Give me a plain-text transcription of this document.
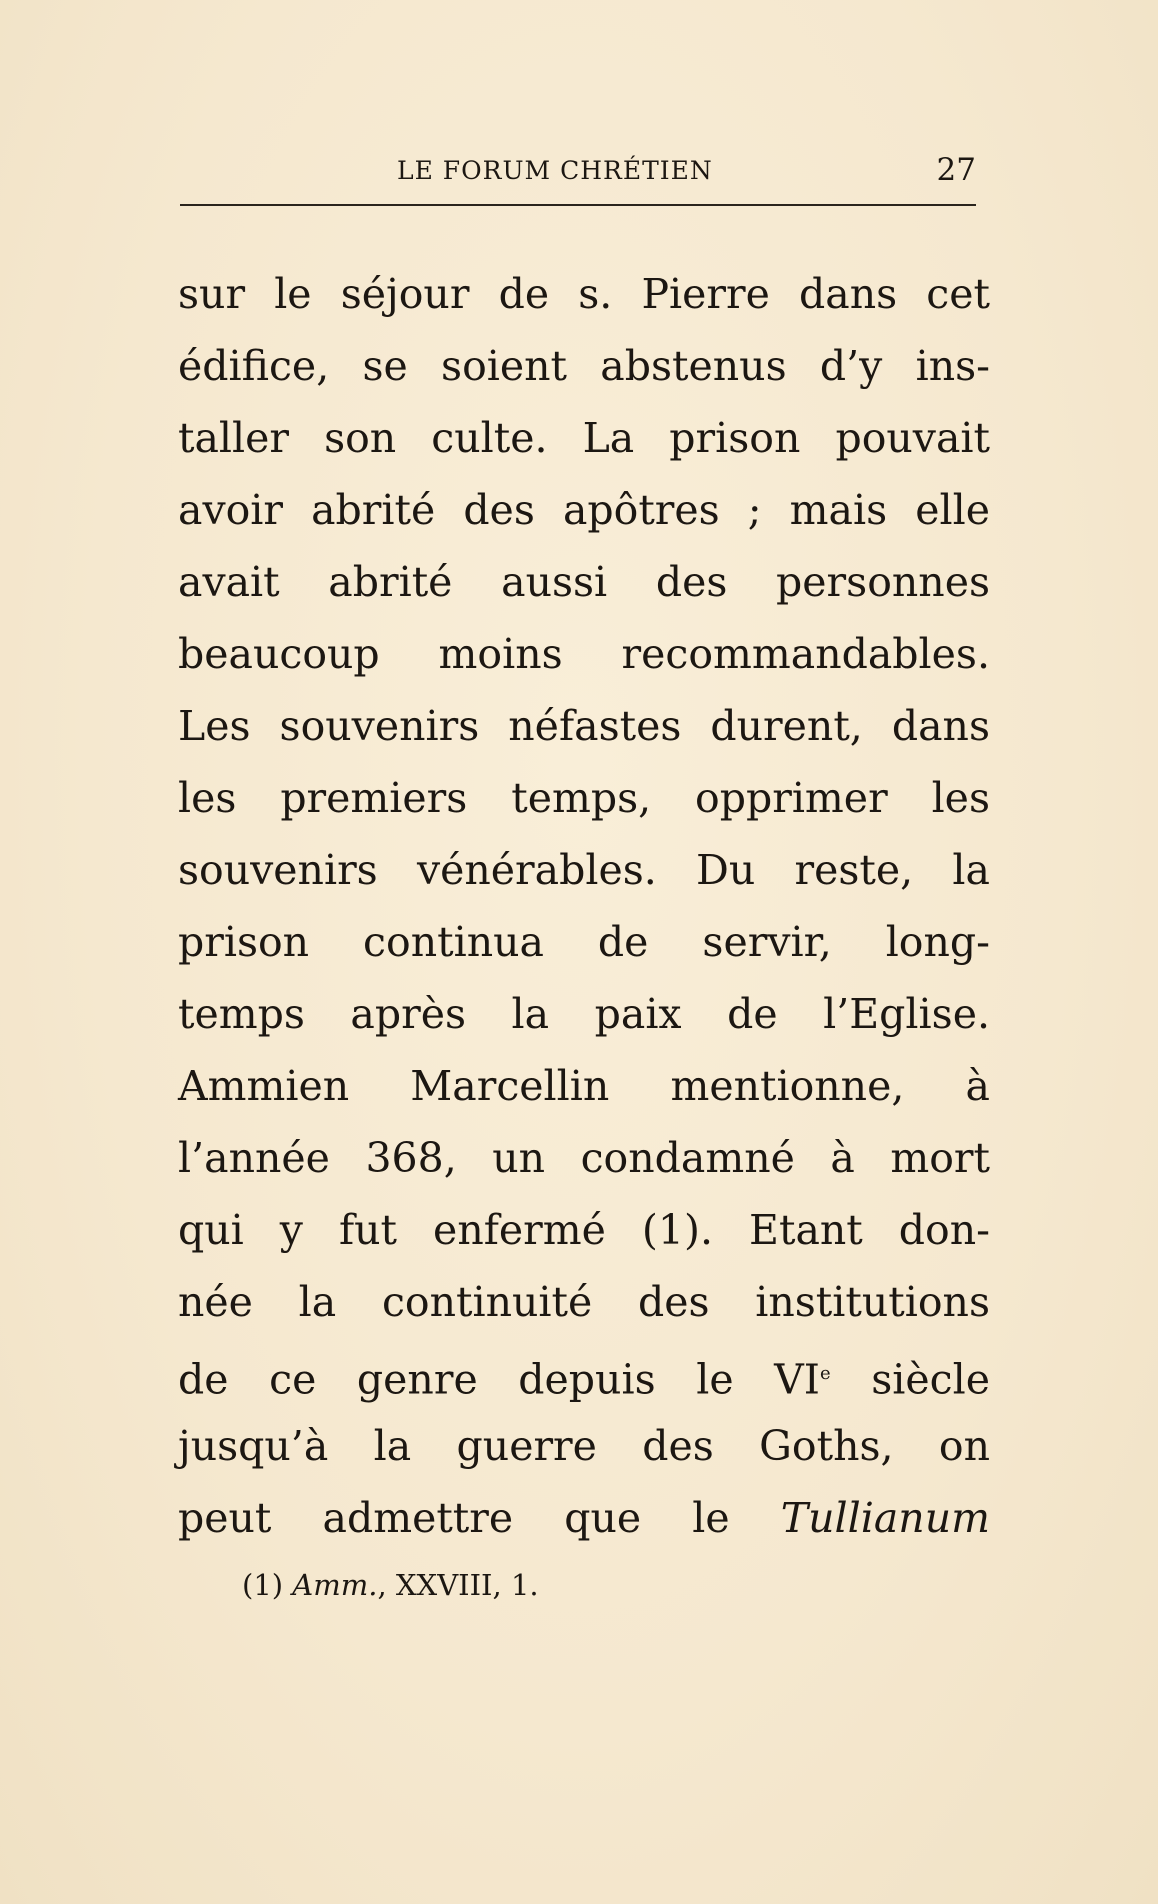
LE FORUM CHRÉTIEN	27
sur le séjour de s. Pierre dans cet
édifice, se soient abstenus d’y ins-
taller son culte. La prison pouvait
avoir abrité des apôtres ; mais elle
avait abrité aussi des personnes
beaucoup moins recommandables.
Les souvenirs néfastes durent, dans
les premiers temps, opprimer les
souvenirs vénérables. Du reste, la
prison continua de servir, long-
temps après la paix de l’Eglise.
Ammien Marcellin mentionne, à
l’année 368, un condamné à mort
qui y fut enfermé (1). Etant don-
née la continuité des institutions
de ce genre depuis le VIe siècle
jusqu’à la guerre des Goths, on
peut admettre que le Tullianum
(1) Amm., XXVIII, 1.
